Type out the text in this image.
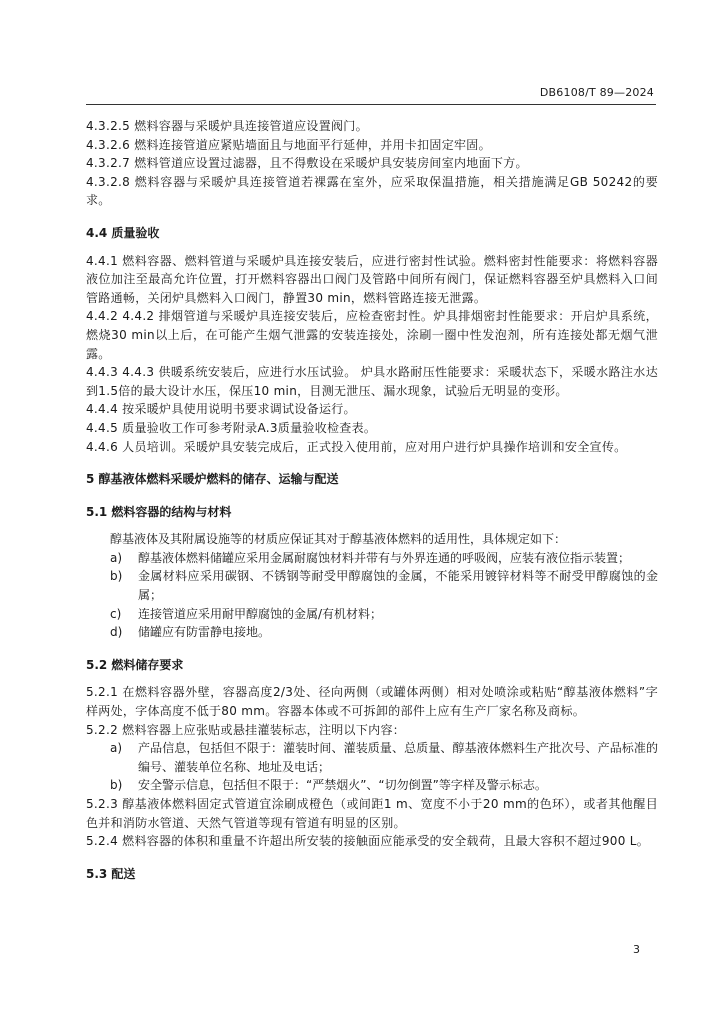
DB6108/T 89—2024

4.3.2.5 燃料容器与采暖炉具连接管道应设置阀门。

4.3.2.6 燃料连接管道应紧贴墙面且与地面平行延伸，并用卡扣固定牢固。

4.3.2.7 燃料管道应设置过滤器，且不得敷设在采暖炉具安装房间室内地面下方。

4.3.2.8 燃料容器与采暖炉具连接管道若裸露在室外，应采取保温措施，相关措施满足GB 50242的要求。

4.4 质量验收

4.4.1 燃料容器、燃料管道与采暖炉具连接安装后，应进行密封性试验。燃料密封性能要求：将燃料容器液位加注至最高允许位置，打开燃料容器出口阀门及管路中间所有阀门，保证燃料容器至炉具燃料入口间管路通畅，关闭炉具燃料入口阀门，静置30 min，燃料管路连接无泄露。

4.4.2 4.4.2 排烟管道与采暖炉具连接安装后，应检查密封性。炉具排烟密封性能要求：开启炉具系统，燃烧30 min以上后，在可能产生烟气泄露的安装连接处，涂刷一圈中性发泡剂，所有连接处都无烟气泄露。

4.4.3 4.4.3 供暖系统安装后，应进行水压试验。 炉具水路耐压性能要求：采暖状态下，采暖水路注水达到1.5倍的最大设计水压，保压10 min，目测无泄压、漏水现象，试验后无明显的变形。

4.4.4 按采暖炉具使用说明书要求调试设备运行。

4.4.5 质量验收工作可参考附录A.3质量验收检查表。

4.4.6 人员培训。采暖炉具安装完成后，正式投入使用前，应对用户进行炉具操作培训和安全宣传。

5 醇基液体燃料采暖炉燃料的储存、运输与配送

5.1 燃料容器的结构与材料

醇基液体及其附属设施等的材质应保证其对于醇基液体燃料的适用性，具体规定如下：

a) 醇基液体燃料储罐应采用金属耐腐蚀材料并带有与外界连通的呼吸阀，应装有液位指示装置；
b) 金属材料应采用碳钢、不锈钢等耐受甲醇腐蚀的金属，不能采用镀锌材料等不耐受甲醇腐蚀的金属；
c) 连接管道应采用耐甲醇腐蚀的金属/有机材料；
d) 储罐应有防雷静电接地。

5.2 燃料储存要求

5.2.1 在燃料容器外壁，容器高度2/3处、径向两侧（或罐体两侧）相对处喷涂或粘贴“醇基液体燃料”字样两处，字体高度不低于80 mm。容器本体或不可拆卸的部件上应有生产厂家名称及商标。

5.2.2 燃料容器上应张贴或悬挂灌装标志，注明以下内容：

a) 产品信息，包括但不限于：灌装时间、灌装质量、总质量、醇基液体燃料生产批次号、产品标准的编号、灌装单位名称、地址及电话；
b) 安全警示信息，包括但不限于：“严禁烟火”、“切勿倒置”等字样及警示标志。

5.2.3 醇基液体燃料固定式管道宜涂刷成橙色（或间距1 m、宽度不小于20 mm的色环），或者其他醒目色并和消防水管道、天然气管道等现有管道有明显的区别。

5.2.4 燃料容器的体积和重量不许超出所安装的接触面应能承受的安全载荷，且最大容积不超过900 L。

5.3 配送

3
